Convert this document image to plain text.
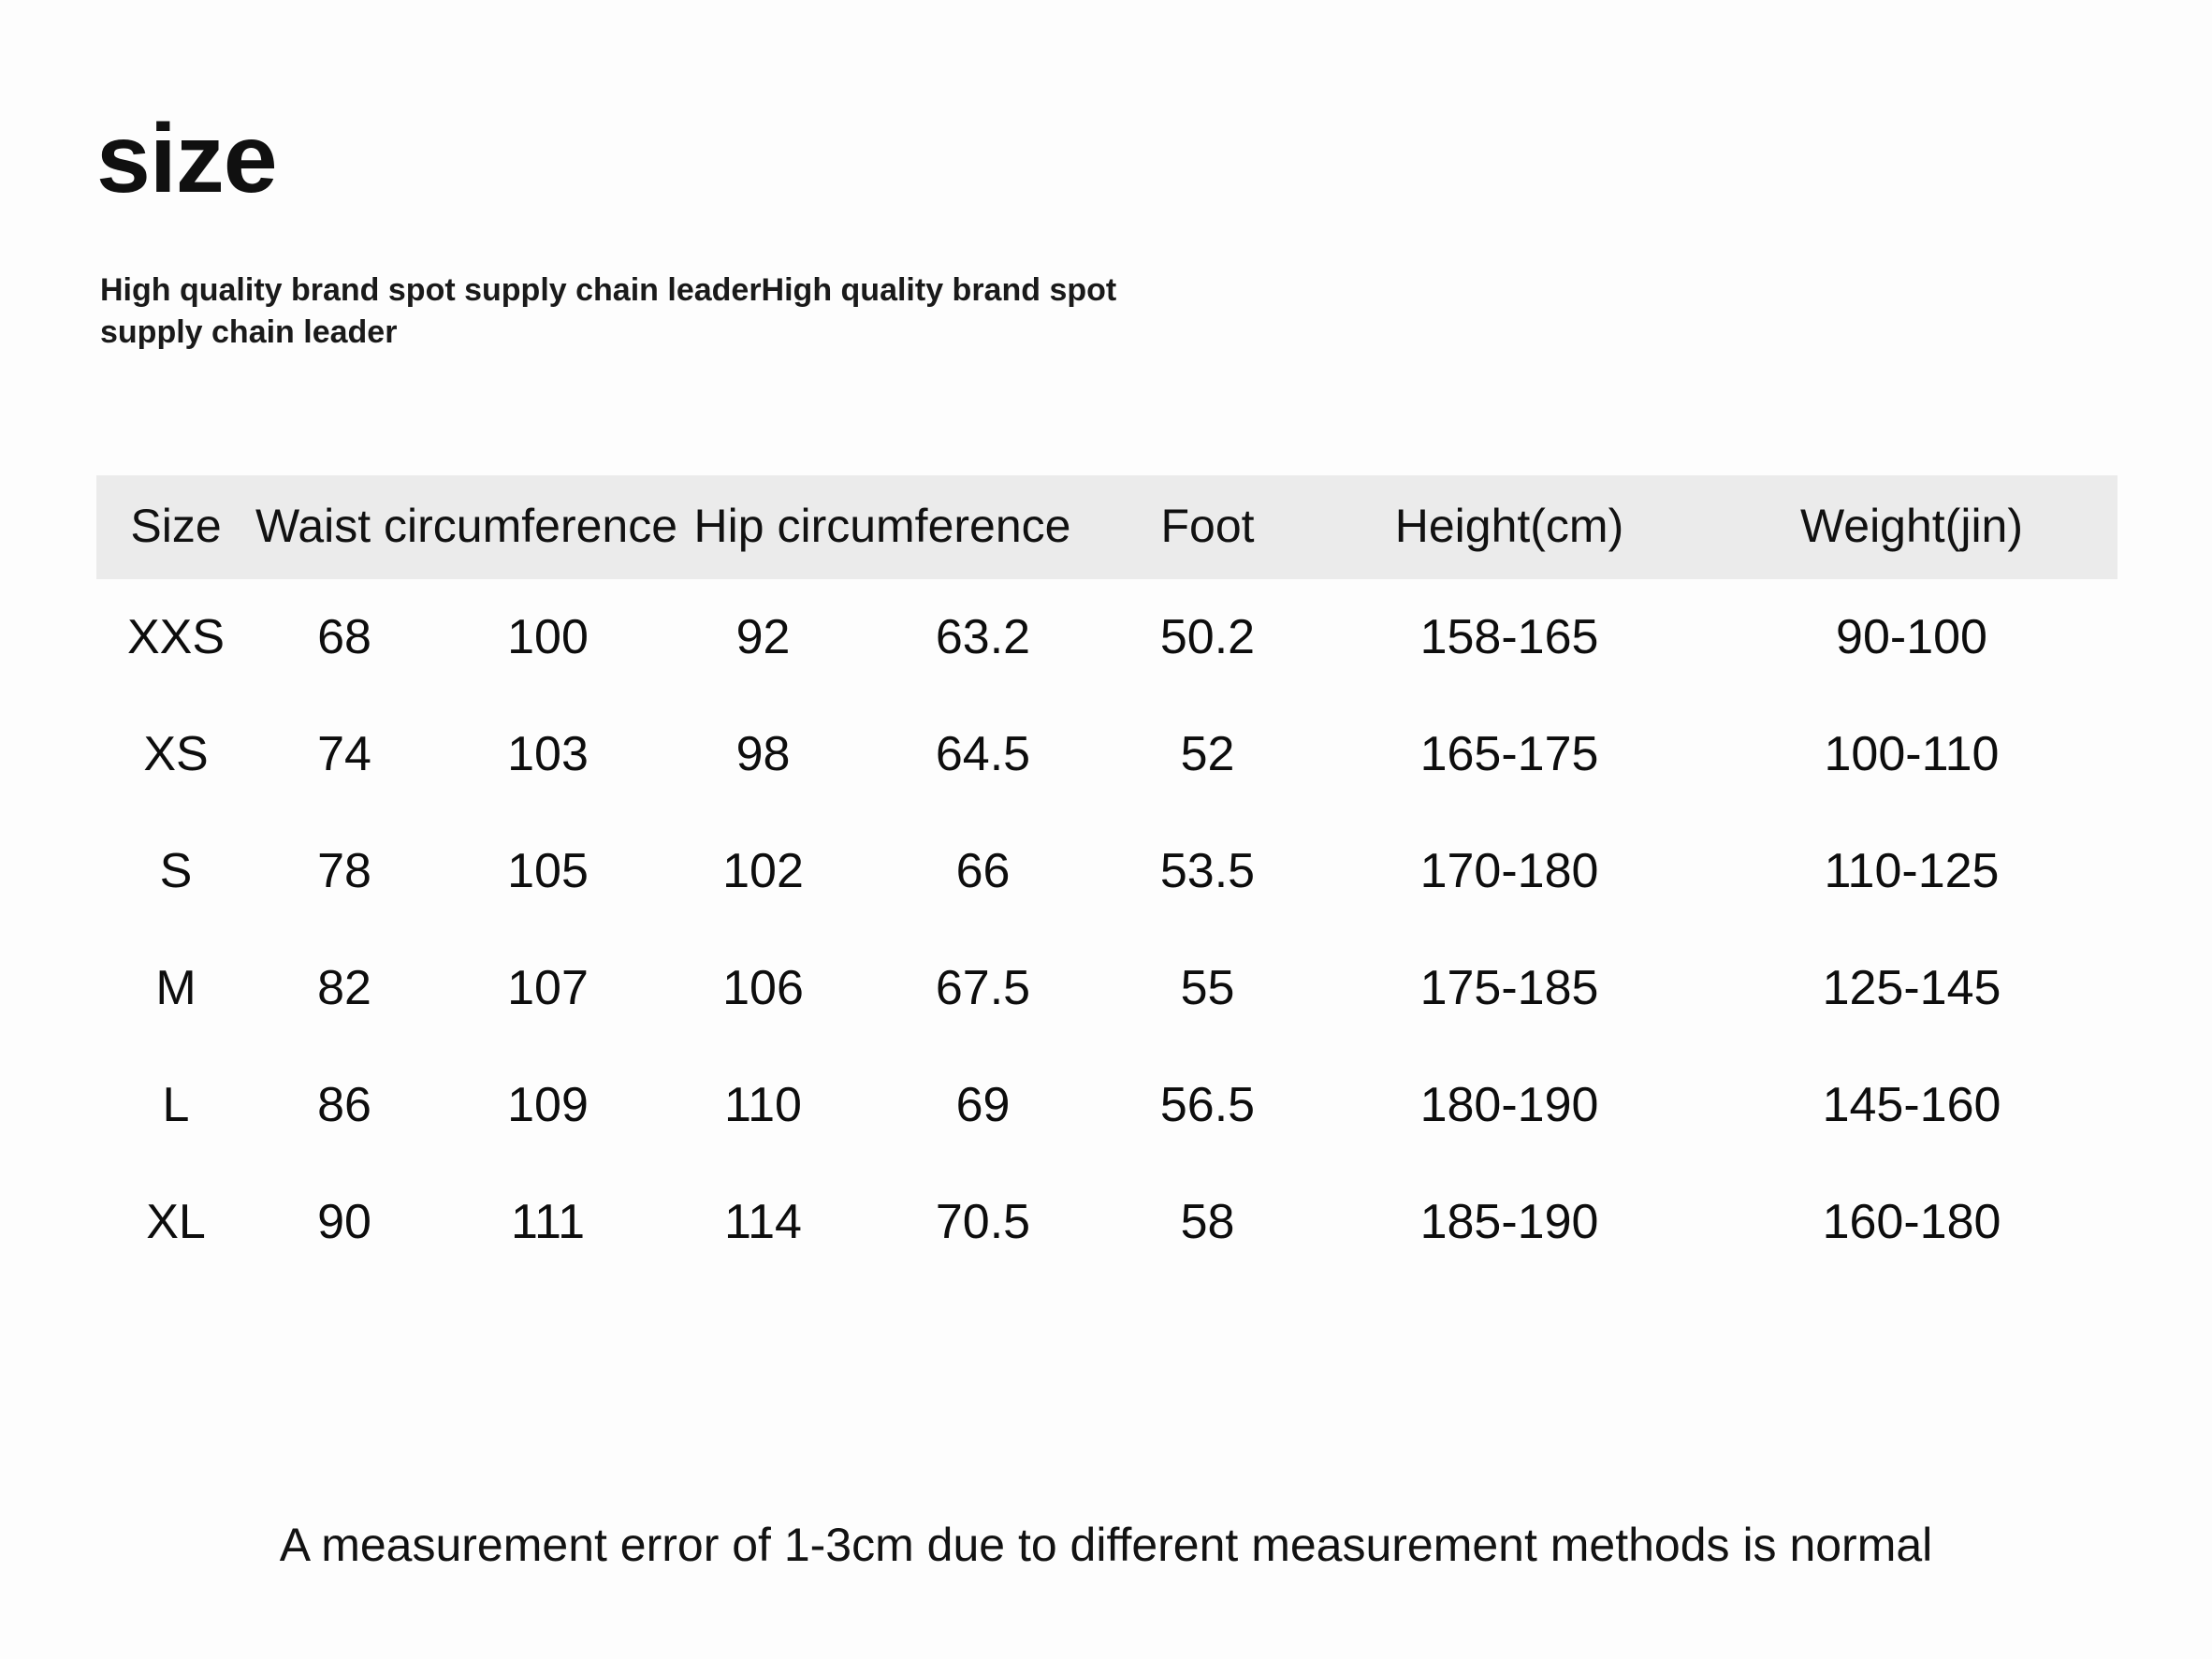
size
High quality brand spot supply chain leaderHigh quality brand spot supply chain leader
Size	Waist circumference		Hip circumference		Foot	Height(cm)	Weight(jin)
XXS	68	100	92	63.2	50.2	158-165	90-100
XS	74	103	98	64.5	52	165-175	100-110
S	78	105	102	66	53.5	170-180	110-125
M	82	107	106	67.5	55	175-185	125-145
L	86	109	110	69	56.5	180-190	145-160
XL	90	111	114	70.5	58	185-190	160-180
A measurement error of 1-3cm due to different measurement methods is normal
